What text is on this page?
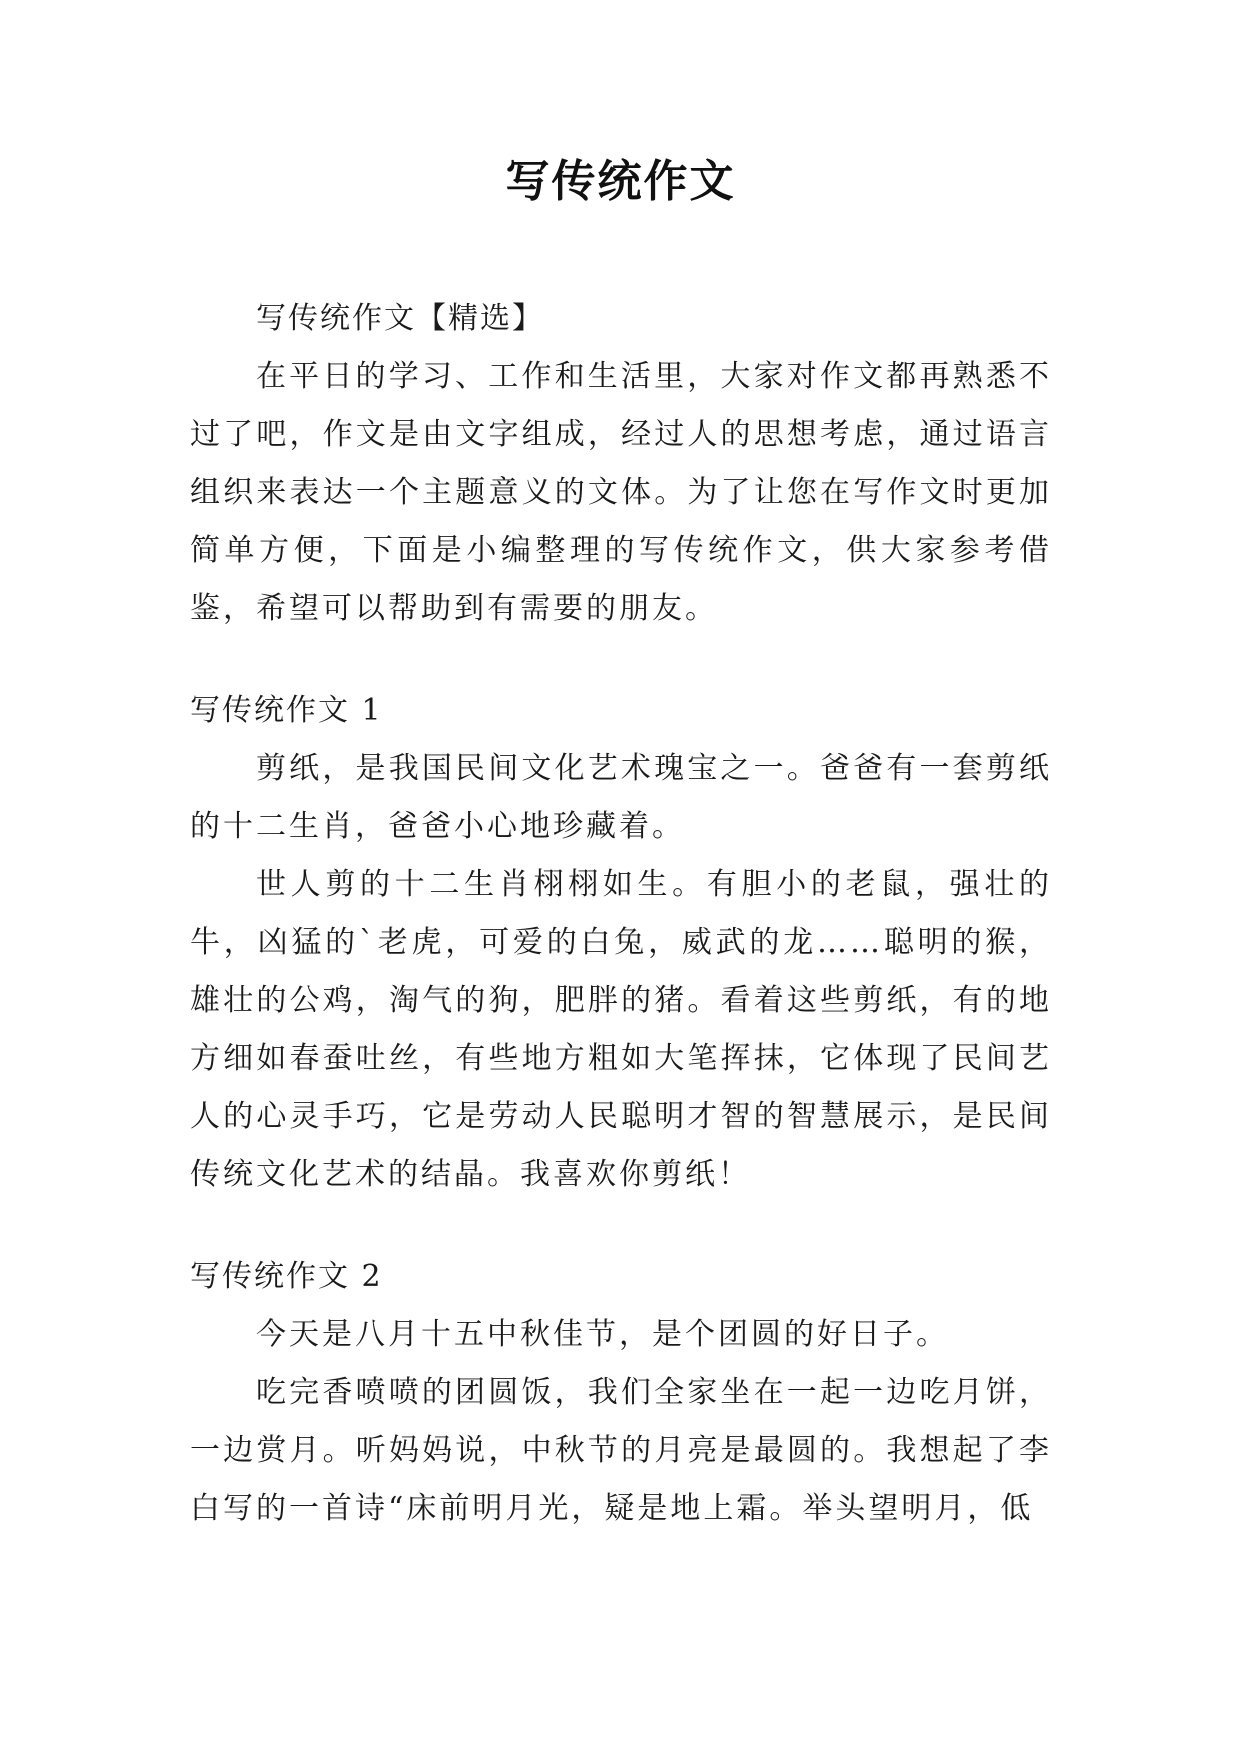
写传统作文

写传统作文【精选】

在平日的学习、工作和生活里，大家对作文都再熟悉不过了吧，作文是由文字组成，经过人的思想考虑，通过语言组织来表达一个主题意义的文体。为了让您在写作文时更加简单方便，下面是小编整理的写传统作文，供大家参考借鉴，希望可以帮助到有需要的朋友。

写传统作文 1

剪纸，是我国民间文化艺术瑰宝之一。爸爸有一套剪纸的十二生肖，爸爸小心地珍藏着。

世人剪的十二生肖栩栩如生。有胆小的老鼠，强壮的牛，凶猛的`老虎，可爱的白兔，威武的龙……聪明的猴，雄壮的公鸡，淘气的狗，肥胖的猪。看着这些剪纸，有的地方细如春蚕吐丝，有些地方粗如大笔挥抹，它体现了民间艺人的心灵手巧，它是劳动人民聪明才智的智慧展示，是民间传统文化艺术的结晶。我喜欢你剪纸！

写传统作文 2

今天是八月十五中秋佳节，是个团圆的好日子。

吃完香喷喷的团圆饭，我们全家坐在一起一边吃月饼，一边赏月。听妈妈说，中秋节的月亮是最圆的。我想起了李白写的一首诗“床前明月光，疑是地上霜。举头望明月，低
